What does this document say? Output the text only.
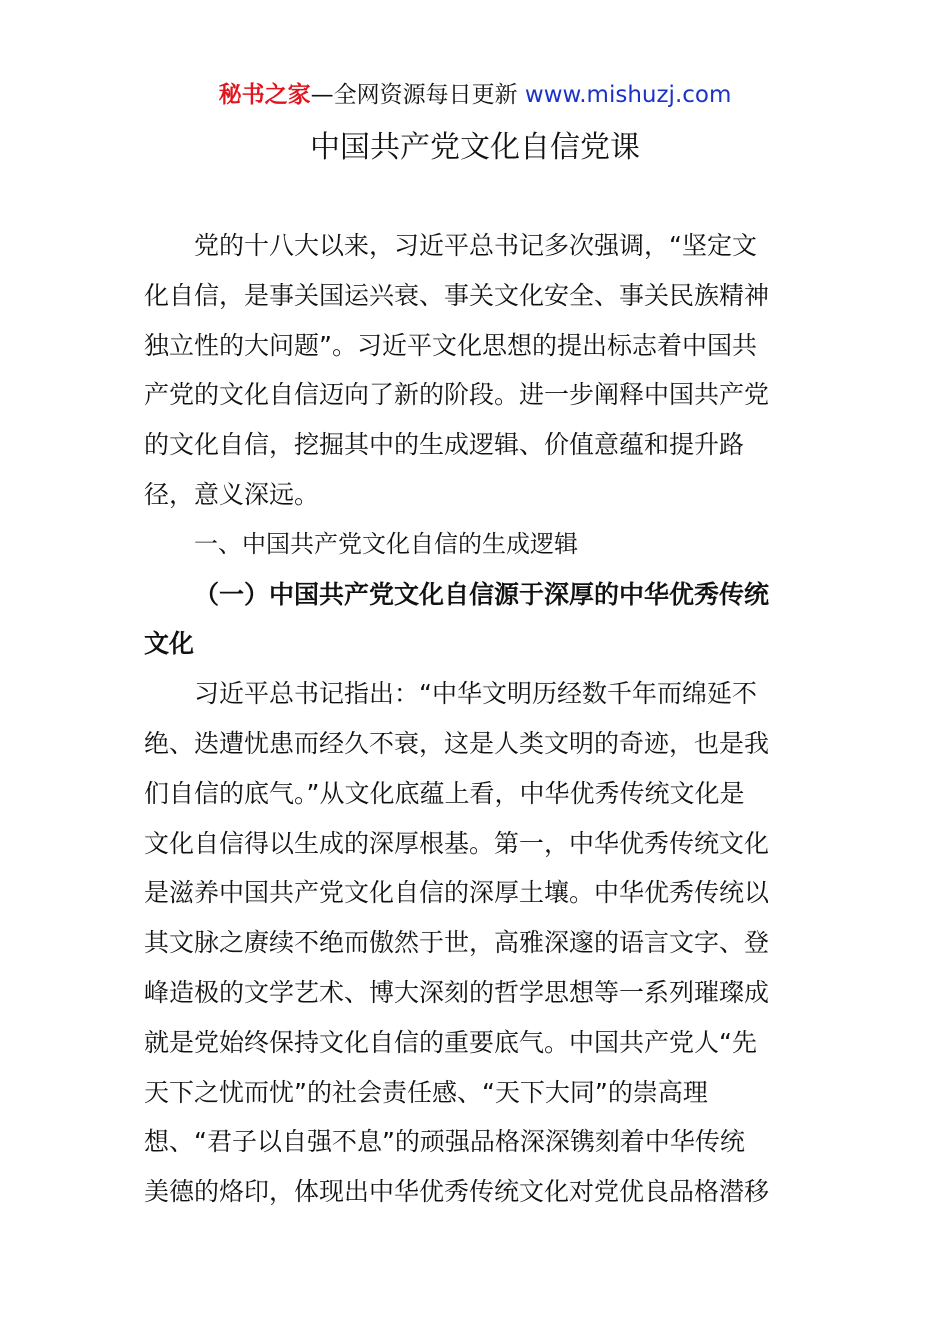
秘书之家—全网资源每日更新 www.mishuzj.com
中国共产党文化自信党课
党的十八大以来，习近平总书记多次强调，“坚定文
化自信，是事关国运兴衰、事关文化安全、事关民族精神
独立性的大问题”。习近平文化思想的提出标志着中国共
产党的文化自信迈向了新的阶段。进一步阐释中国共产党
的文化自信，挖掘其中的生成逻辑、价值意蕴和提升路
径，意义深远。
一、中国共产党文化自信的生成逻辑
（一）中国共产党文化自信源于深厚的中华优秀传统
文化
习近平总书记指出：“中华文明历经数千年而绵延不
绝、迭遭忧患而经久不衰，这是人类文明的奇迹，也是我
们自信的底气。”从文化底蕴上看，中华优秀传统文化是
文化自信得以生成的深厚根基。第一，中华优秀传统文化
是滋养中国共产党文化自信的深厚土壤。中华优秀传统以
其文脉之赓续不绝而傲然于世，高雅深邃的语言文字、登
峰造极的文学艺术、博大深刻的哲学思想等一系列璀璨成
就是党始终保持文化自信的重要底气。中国共产党人“先
天下之忧而忧”的社会责任感、“天下大同”的崇高理
想、“君子以自强不息”的顽强品格深深镌刻着中华传统
美德的烙印，体现出中华优秀传统文化对党优良品格潜移
